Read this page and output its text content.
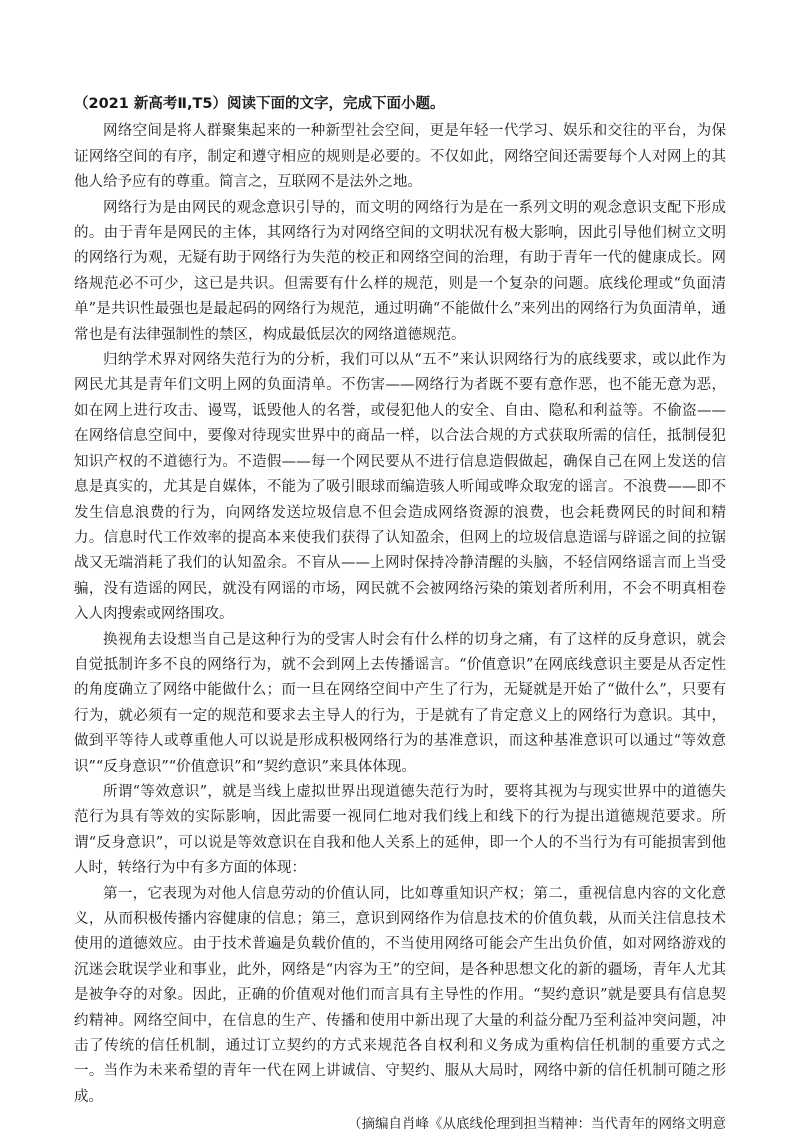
（2021 新高考Ⅱ,T5）阅读下面的文字，完成下面小题。

网络空间是将人群聚集起来的一种新型社会空间，更是年轻一代学习、娱乐和交往的平台，为保证网络空间的有序，制定和遵守相应的规则是必要的。不仅如此，网络空间还需要每个人对网上的其他人给予应有的尊重。简言之，互联网不是法外之地。

网络行为是由网民的观念意识引导的，而文明的网络行为是在一系列文明的观念意识支配下形成的。由于青年是网民的主体，其网络行为对网络空间的文明状况有极大影响，因此引导他们树立文明的网络行为观，无疑有助于网络行为失范的校正和网络空间的治理，有助于青年一代的健康成长。网络规范必不可少，这已是共识。但需要有什么样的规范，则是一个复杂的问题。底线伦理或“负面清单”是共识性最强也是最起码的网络行为规范，通过明确“不能做什么”来列出的网络行为负面清单，通常也是有法律强制性的禁区，构成最低层次的网络道德规范。

归纳学术界对网络失范行为的分析，我们可以从“五不”来认识网络行为的底线要求，或以此作为网民尤其是青年们文明上网的负面清单。不伤害——网络行为者既不要有意作恶，也不能无意为恶，如在网上进行攻击、谩骂，诋毁他人的名誉，或侵犯他人的安全、自由、隐私和利益等。不偷盗——在网络信息空间中，要像对待现实世界中的商品一样，以合法合规的方式获取所需的信任，抵制侵犯知识产权的不道德行为。不造假——每一个网民要从不进行信息造假做起，确保自己在网上发送的信息是真实的，尤其是自媒体，不能为了吸引眼球而编造骇人听闻或哗众取宠的谣言。不浪费——即不发生信息浪费的行为，向网络发送垃圾信息不但会造成网络资源的浪费，也会耗费网民的时间和精力。信息时代工作效率的提高本来使我们获得了认知盈余，但网上的垃圾信息造谣与辟谣之间的拉锯战又无端消耗了我们的认知盈余。不盲从——上网时保持冷静清醒的头脑，不轻信网络谣言而上当受骗，没有造谣的网民，就没有网谣的市场，网民就不会被网络污染的策划者所利用，不会不明真相卷入人肉搜索或网络围攻。

换视角去设想当自己是这种行为的受害人时会有什么样的切身之痛，有了这样的反身意识，就会自觉抵制许多不良的网络行为，就不会到网上去传播谣言。“价值意识”在网底线意识主要是从否定性的角度确立了网络中能做什么；而一旦在网络空间中产生了行为，无疑就是开始了“做什么”，只要有行为，就必须有一定的规范和要求去主导人的行为，于是就有了肯定意义上的网络行为意识。其中，做到平等待人或尊重他人可以说是形成积极网络行为的基准意识，而这种基准意识可以通过“等效意识”“反身意识”“价值意识”和“契约意识”来具体体现。

所谓“等效意识”，就是当线上虚拟世界出现道德失范行为时，要将其视为与现实世界中的道德失范行为具有等效的实际影响，因此需要一视同仁地对我们线上和线下的行为提出道德规范要求。所谓“反身意识”，可以说是等效意识在自我和他人关系上的延伸，即一个人的不当行为有可能损害到他人时，转络行为中有多方面的体现：

第一，它表现为对他人信息劳动的价值认同，比如尊重知识产权；第二，重视信息内容的文化意义，从而积极传播内容健康的信息；第三，意识到网络作为信息技术的价值负载，从而关注信息技术使用的道德效应。由于技术普遍是负载价值的，不当使用网络可能会产生出负价值，如对网络游戏的沉迷会耽误学业和事业，此外，网络是“内容为王”的空间，是各种思想文化的新的疆场，青年人尤其是被争夺的对象。因此，正确的价值观对他们而言具有主导性的作用。“契约意识”就是要具有信息契约精神。网络空间中，在信息的生产、传播和使用中新出现了大量的利益分配乃至利益冲突问题，冲击了传统的信任机制，通过订立契约的方式来规范各自权利和义务成为重构信任机制的重要方式之一。当作为未来希望的青年一代在网上讲诚信、守契约、服从大局时，网络中新的信任机制可随之形成。

（摘编自肖峰《从底线伦理到担当精神：当代青年的网络文明意
